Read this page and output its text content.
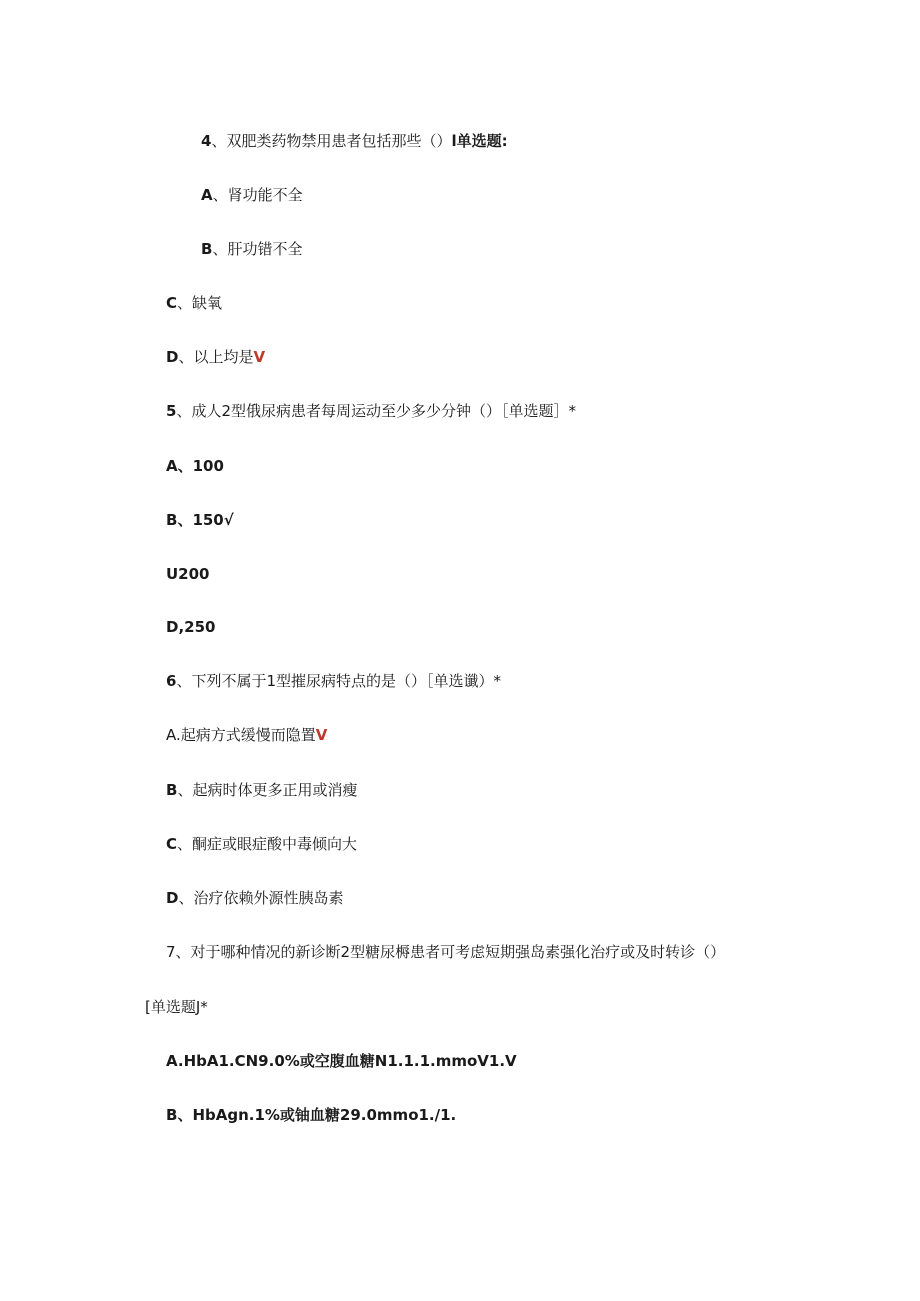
4、双肥类药物禁用患者包括那些（）l单选题:
A、肾功能不全
B、肝功错不全
C、缺氧
D、以上均是V
5、成人2型俄尿病患者每周运动至少多少分钟（）［单选题］*
A、100
B、150√
U200
D,250
6、下列不属于1型摧尿病特点的是（）［单选谶）*
A.起病方式缓慢而隐置V
B、起病时体更多正用或消瘦
C、酮症或眼症酸中毒倾向大
D、治疗依赖外源性胰岛素
7、对于哪种情况的新诊断2型糖尿槈患者可考虑短期强岛素强化治疗或及时转诊（）
[单选题J*
A.HbA1.CN9.0%或空腹血糖N1.1.1.mmoV1.V
B、HbAgn.1%或铀血糖29.0mmo1./1.
